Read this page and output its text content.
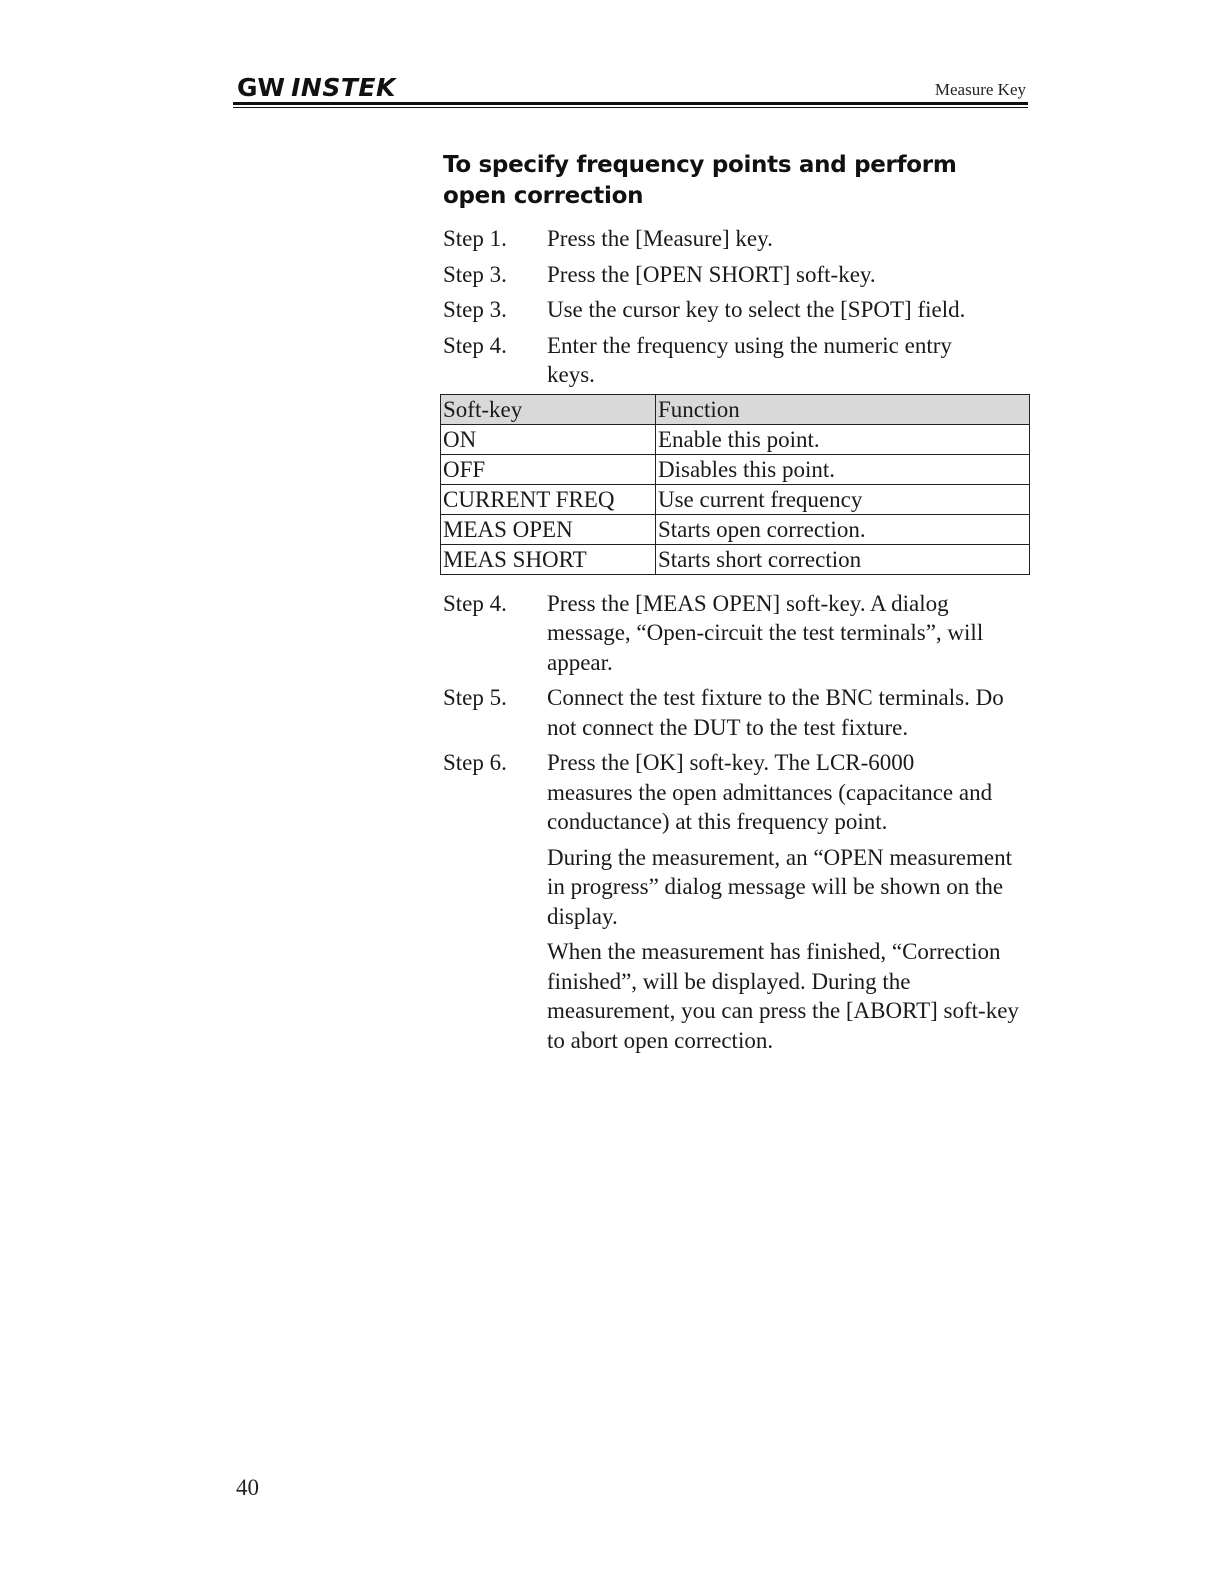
GW INSTEK	Measure Key
To specify frequency points and perform open correction
Step 1.	Press the [Measure] key.
Step 3.	Press the [OPEN SHORT] soft-key.
Step 3.	Use the cursor key to select the [SPOT] field.
Step 4.	Enter the frequency using the numeric entry keys.
Soft-key	Function
ON	Enable this point.
OFF	Disables this point.
CURRENT FREQ	Use current frequency
MEAS OPEN	Starts open correction.
MEAS SHORT	Starts short correction
Step 4.	Press the [MEAS OPEN] soft-key. A dialog message, “Open-circuit the test terminals”, will appear.
Step 5.	Connect the test fixture to the BNC terminals. Do not connect the DUT to the test fixture.
Step 6.	Press the [OK] soft-key. The LCR-6000 measures the open admittances (capacitance and conductance) at this frequency point.
During the measurement, an “OPEN measurement in progress” dialog message will be shown on the display.
When the measurement has finished, “Correction finished”, will be displayed. During the measurement, you can press the [ABORT] soft-key to abort open correction.
40
